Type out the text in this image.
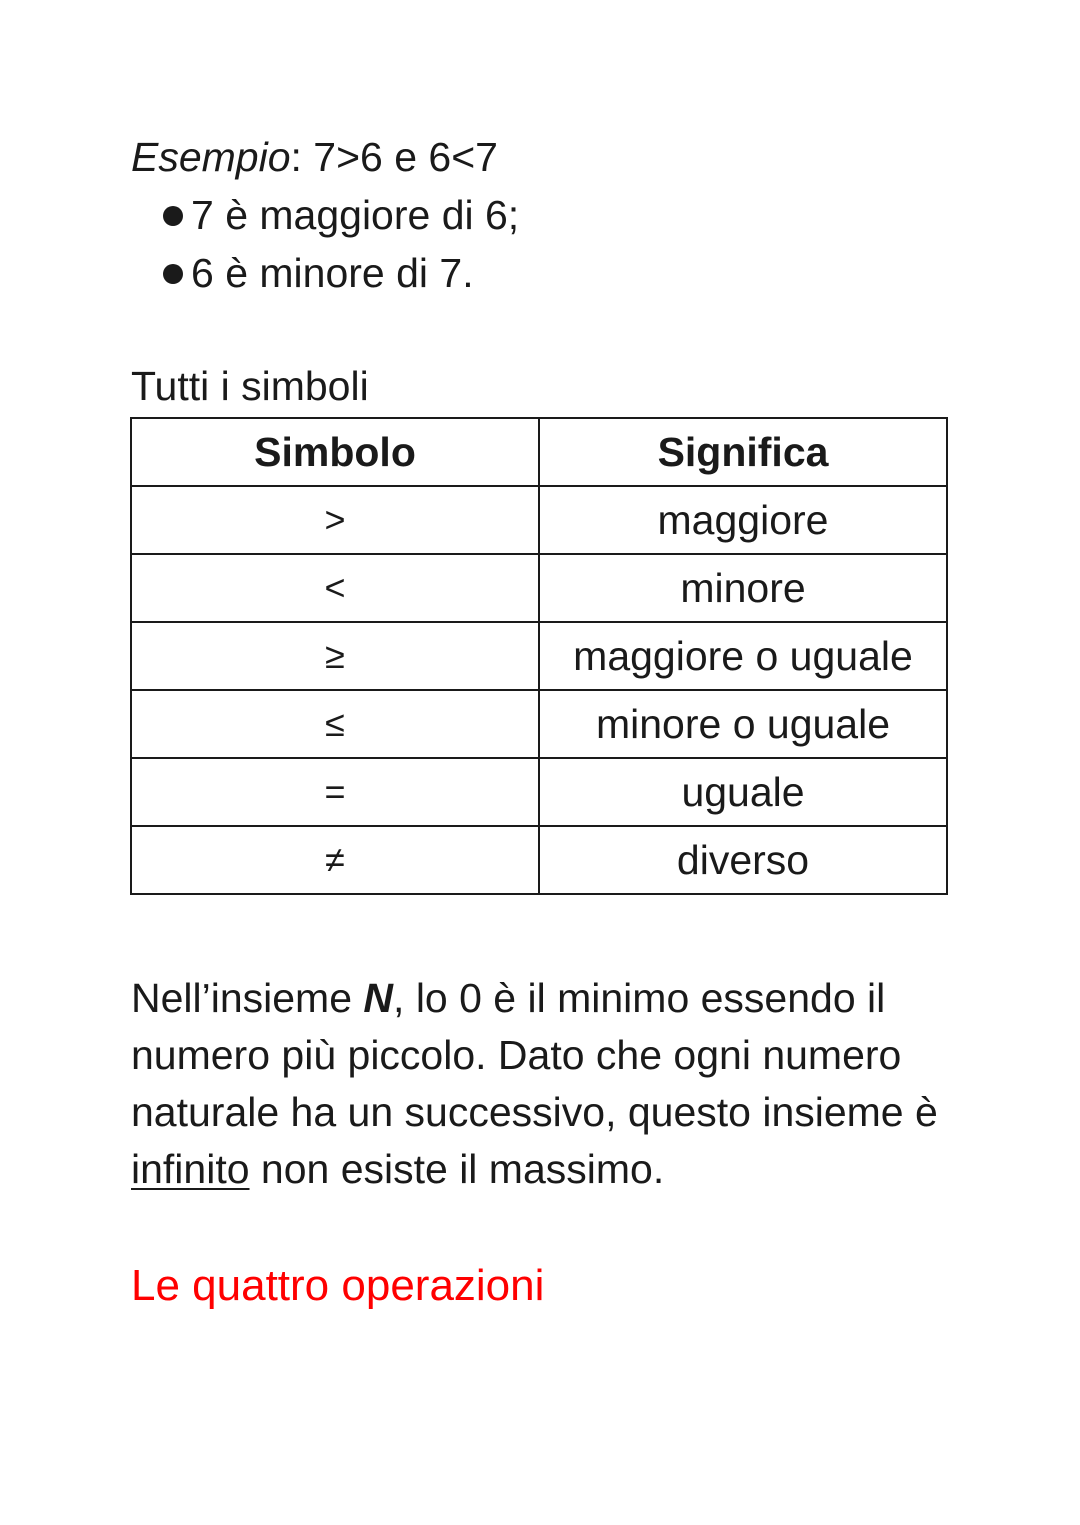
Esempio: 7>6 e 6<7
7 è maggiore di 6;
6 è minore di 7.
Tutti i simboli
Simbolo	Significa
>	maggiore
<	minore
≥	maggiore o uguale
≤	minore o uguale
=	uguale
≠	diverso
Nell’insieme N, lo 0 è il minimo essendo il numero più piccolo. Dato che ogni numero naturale ha un successivo, questo insieme è infinito non esiste il massimo.
Le quattro operazioni
